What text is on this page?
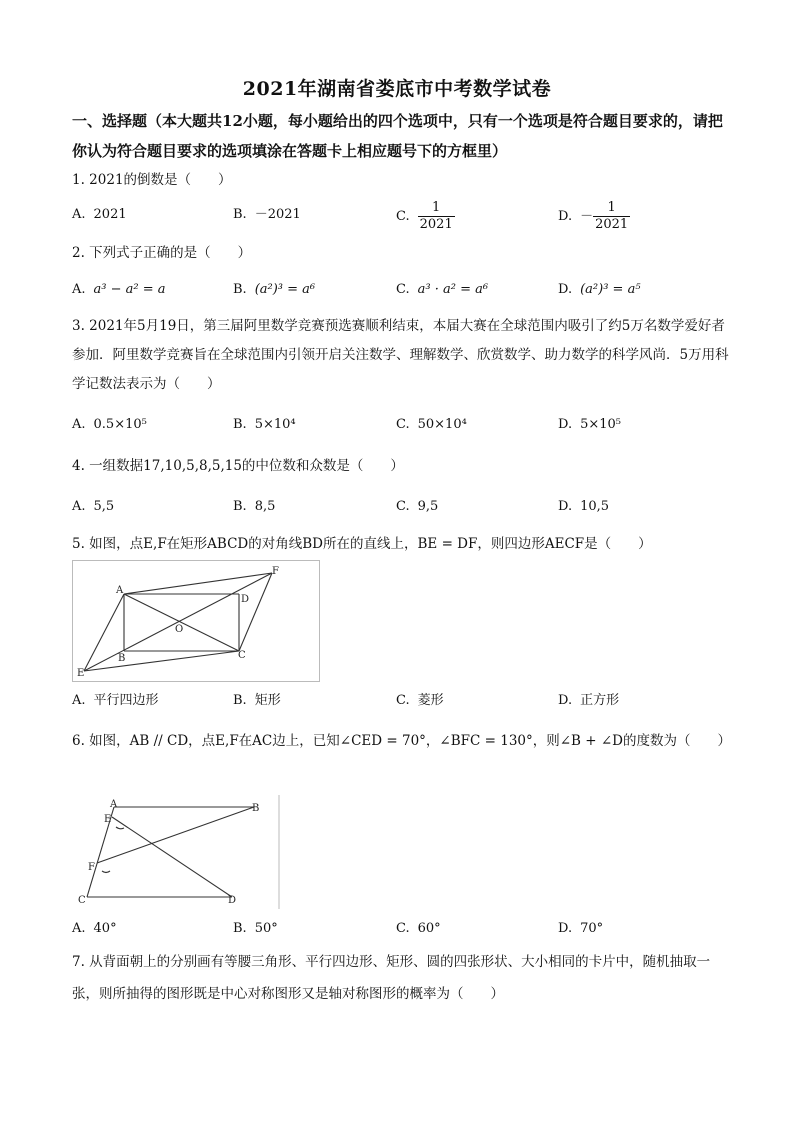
2021年湖南省娄底市中考数学试卷
一、选择题（本大题共12小题，每小题给出的四个选项中，只有一个选项是符合题目要求的，请把你认为符合题目要求的选项填涂在答题卡上相应题号下的方框里）
1. 2021的倒数是（　　）
A. 2021	B. －2021	C. $\frac{1}{2021}$	D. － $\frac{1}{2021}$
2. 下列式子正确的是（　　）
A. a³ − a² = a	B. (a²)³ = a⁶	C. a³ · a² = a⁶	D. (a²)³ = a⁵
3. 2021年5月19日，第三届阿里数学竞赛预选赛顺利结束，本届大赛在全球范围内吸引了约5万名数学爱好者参加．阿里数学竞赛旨在全球范围内引领开启关注数学、理解数学、欣赏数学、助力数学的科学风尚．5万用科学记数法表示为（　　）
A. 0.5×10⁵	B. 5×10⁴	C. 50×10⁴	D. 5×10⁵
4. 一组数据17,10,5,8,5,15的中位数和众数是（　　）
A. 5,5	B. 8,5	C. 9,5	D. 10,5
5. 如图，点E,F在矩形ABCD的对角线BD所在的直线上，BE = DF，则四边形AECF是（　　）
A
B	C
D
E
F
O
A. 平行四边形	B. 矩形	C. 菱形	D. 正方形
6. 如图，AB // CD，点E,F在AC边上，已知∠CED = 70°，∠BFC = 130°，则∠B + ∠D的度数为（　　）
A	B
C	D
E
F
A. 40°	B. 50°	C. 60°	D. 70°
7. 从背面朝上的分别画有等腰三角形、平行四边形、矩形、圆的四张形状、大小相同的卡片中，随机抽取一张，则所抽得的图形既是中心对称图形又是轴对称图形的概率为（　　）
